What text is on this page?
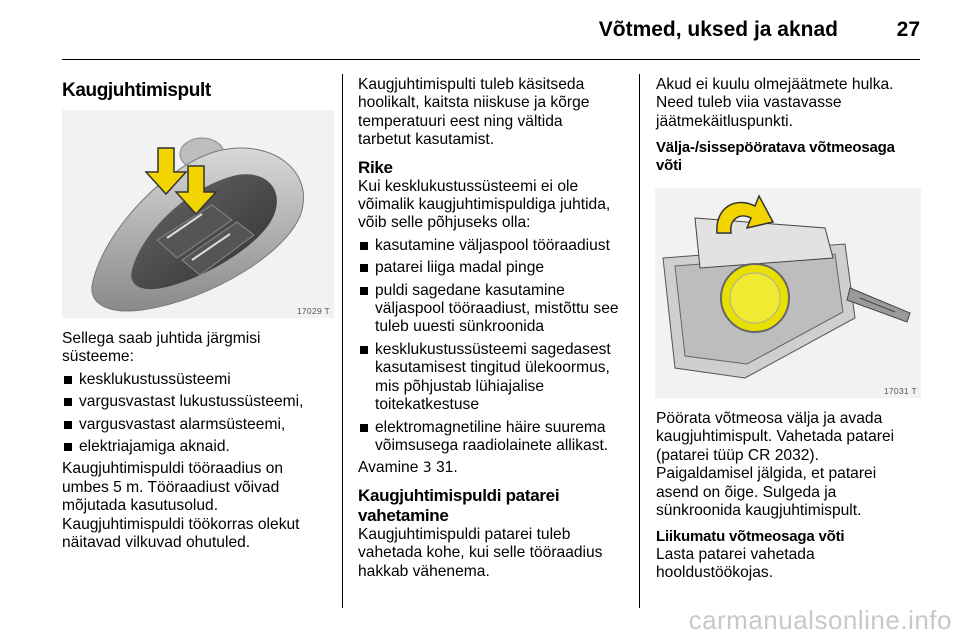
Võtmed, uksed ja aknad	27

Kaugjuhtimispult

17029 T

Sellega saab juhtida järgmisi

süsteeme:

kesklukustussüsteemi
vargusvastast lukustussüsteemi,
vargusvastast alarmsüsteemi,
elektriajamiga aknaid.

Kaugjuhtimispuldi tööraadius on

umbes 5 m. Tööraadiust võivad

mõjutada kasutusolud.

Kaugjuhtimispuldi töökorras olekut

näitavad vilkuvad ohutuled.

Kaugjuhtimispulti tuleb käsitseda

hoolikalt, kaitsta niiskuse ja kõrge

temperatuuri eest ning vältida

tarbetut kasutamist.

Rike

Kui kesklukustussüsteemi ei ole

võimalik kaugjuhtimispuldiga juhtida,

võib selle põhjuseks olla:

kasutamine väljaspool tööraadiust
patarei liiga madal pinge
puldi sagedane kasutamine
väljaspool tööraadiust, mistõttu see
tuleb uuesti sünkroonida
kesklukustussüsteemi sagedasest
kasutamisest tingitud ülekoormus,
mis põhjustab lühiajalise
toitekatkestuse
elektromagnetiline häire suurema
võimsusega raadiolainete allikast.

Avamine 3 31.

Kaugjuhtimispuldi patarei

vahetamine

Kaugjuhtimispuldi patarei tuleb

vahetada kohe, kui selle tööraadius

hakkab vähenema.

Akud ei kuulu olmejäätmete hulka.

Need tuleb viia vastavasse

jäätmekäitluspunkti.

Välja-/sissepööratava võtmeosaga

võti

17031 T

Pöörata võtmeosa välja ja avada

kaugjuhtimispult. Vahetada patarei

(patarei tüüp CR 2032).

Paigaldamisel jälgida, et patarei

asend on õige. Sulgeda ja

sünkroonida kaugjuhtimispult.

Liikumatu võtmeosaga võti

Lasta patarei vahetada

hooldustöökojas.

carmanualsonline.info
